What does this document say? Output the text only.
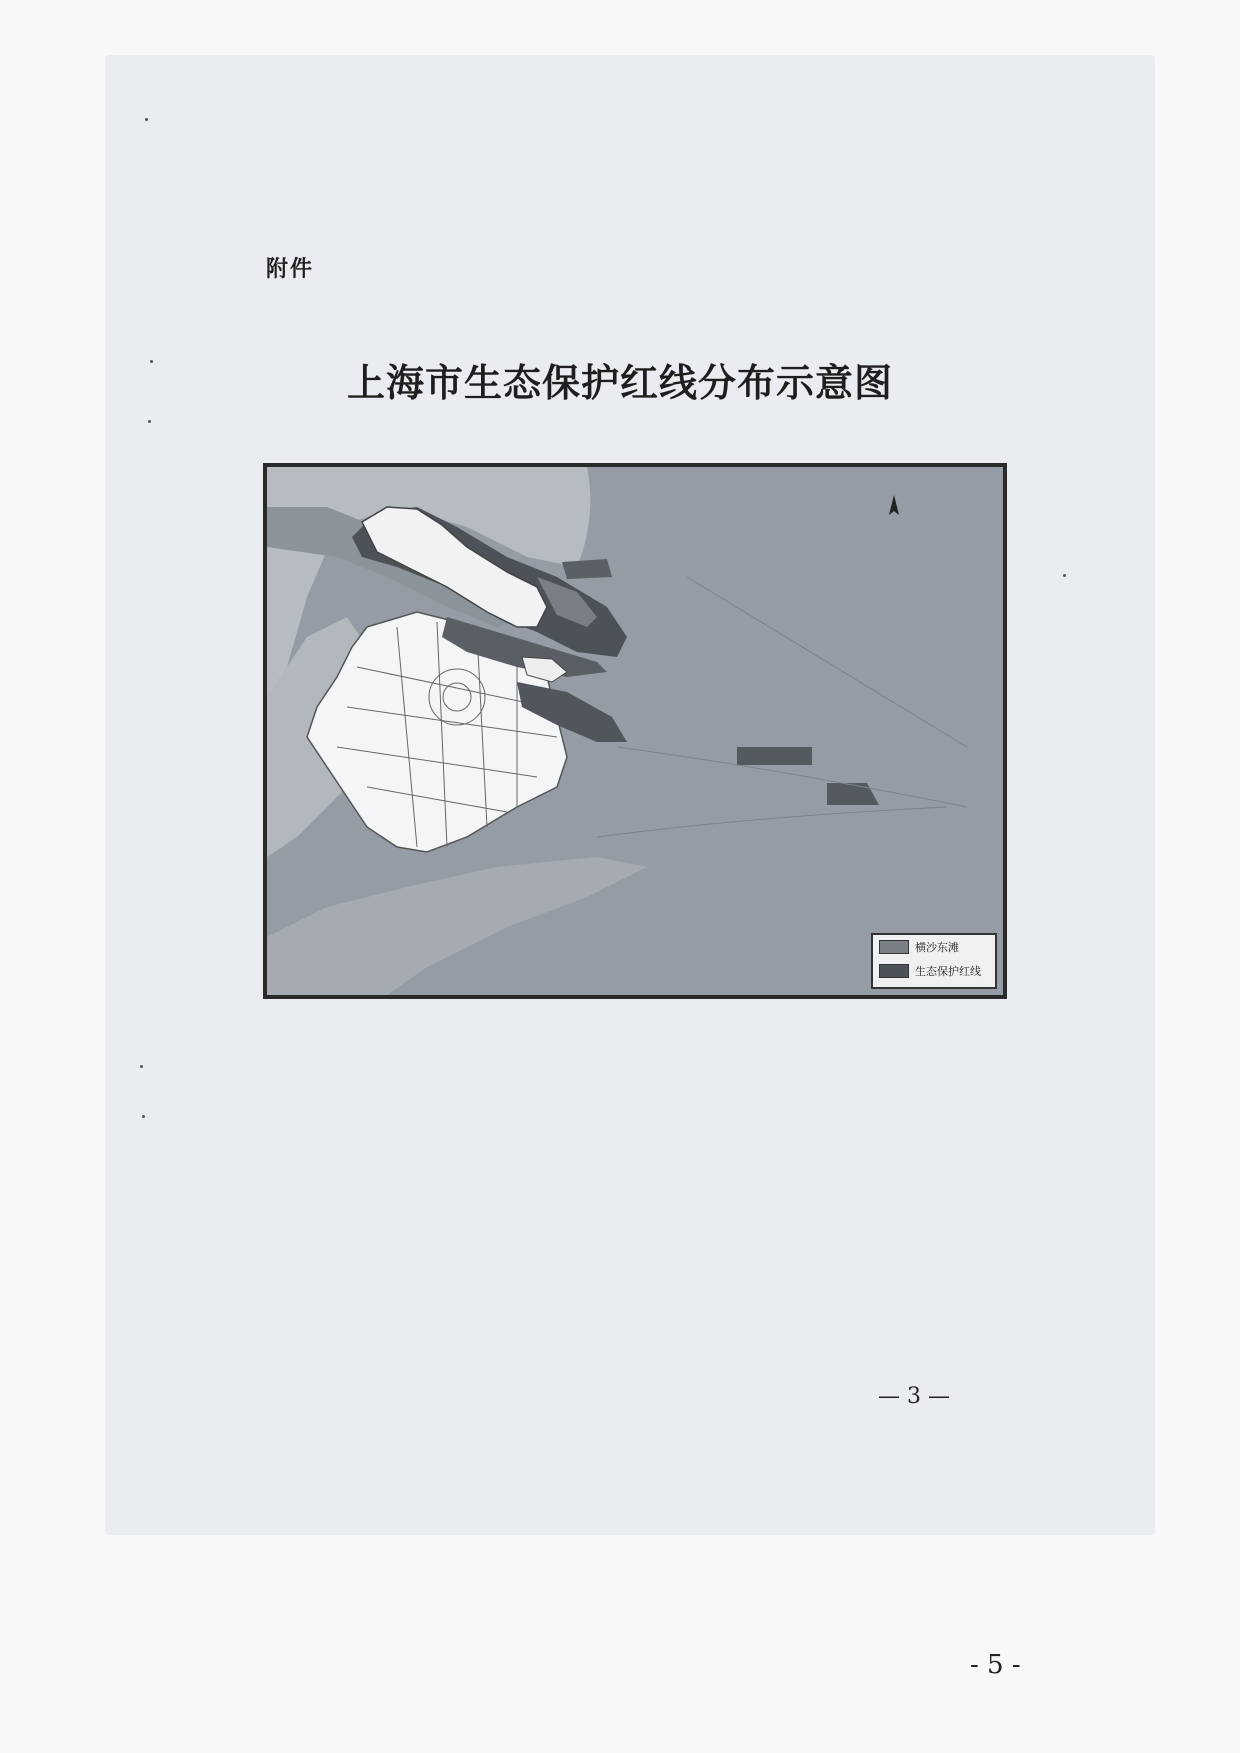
附件
上海市生态保护红线分布示意图
横沙东滩
生态保护红线
— 3 —
- 5 -
